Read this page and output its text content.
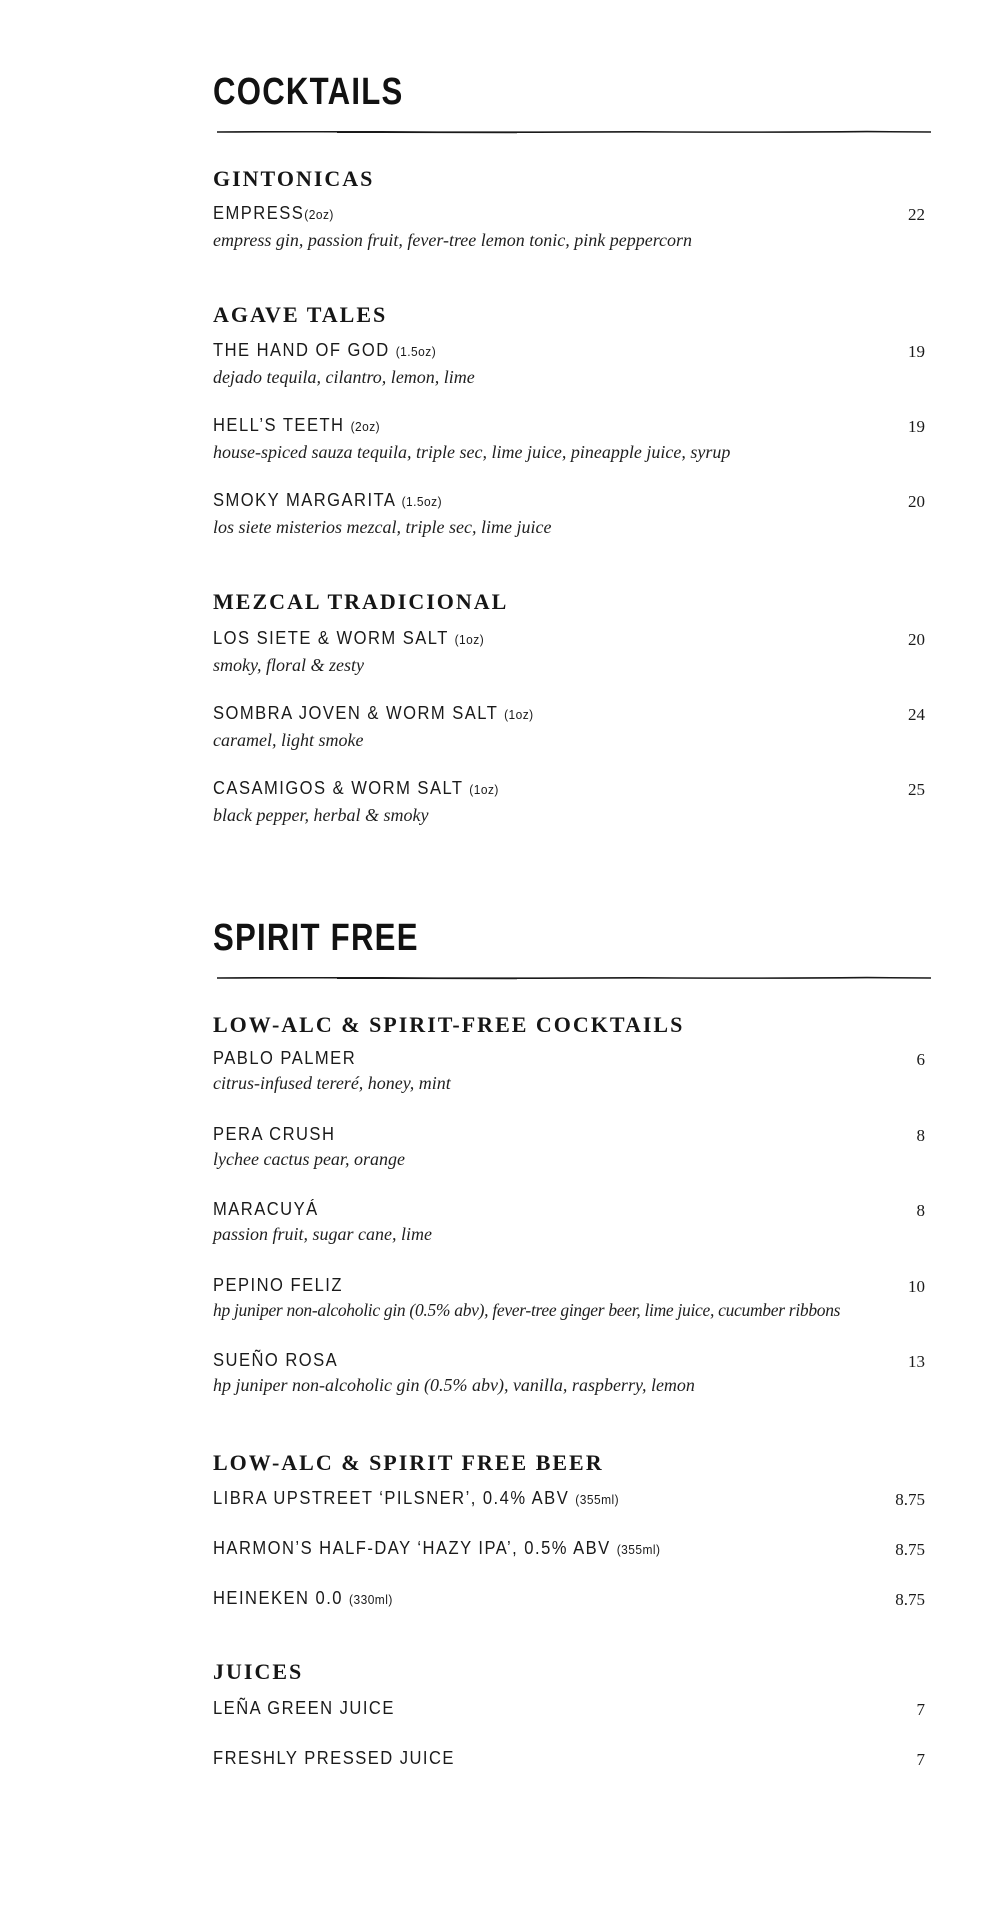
COCKTAILS
GINTONICAS
EMPRESS(2oz)	22
empress gin, passion fruit, fever-tree lemon tonic, pink peppercorn
AGAVE TALES
THE HAND OF GOD (1.5oz)	19
dejado tequila, cilantro, lemon, lime
HELL’S TEETH (2oz)	19
house-spiced sauza tequila, triple sec, lime juice, pineapple juice, syrup
SMOKY MARGARITA (1.5oz)	20
los siete misterios mezcal, triple sec, lime juice
MEZCAL TRADICIONAL
LOS SIETE & WORM SALT (1oz)	20
smoky, floral & zesty
SOMBRA JOVEN & WORM SALT (1oz)	24
caramel, light smoke
CASAMIGOS & WORM SALT (1oz)	25
black pepper, herbal & smoky
SPIRIT FREE
LOW-ALC & SPIRIT-FREE COCKTAILS
PABLO PALMER	6
citrus-infused tereré, honey, mint
PERA CRUSH	8
lychee cactus pear, orange
MARACUYÁ	8
passion fruit, sugar cane, lime
PEPINO FELIZ	10
hp juniper non-alcoholic gin (0.5% abv), fever-tree ginger beer, lime juice, cucumber ribbons
SUEÑO ROSA	13
hp juniper non-alcoholic gin (0.5% abv), vanilla, raspberry, lemon
LOW-ALC & SPIRIT FREE BEER
LIBRA UPSTREET ‘PILSNER’, 0.4% ABV (355ml)	8.75
HARMON’S HALF-DAY ‘HAZY IPA’, 0.5% ABV (355ml)	8.75
HEINEKEN 0.0 (330ml)	8.75
JUICES
LEÑA GREEN JUICE	7
FRESHLY PRESSED JUICE	7
